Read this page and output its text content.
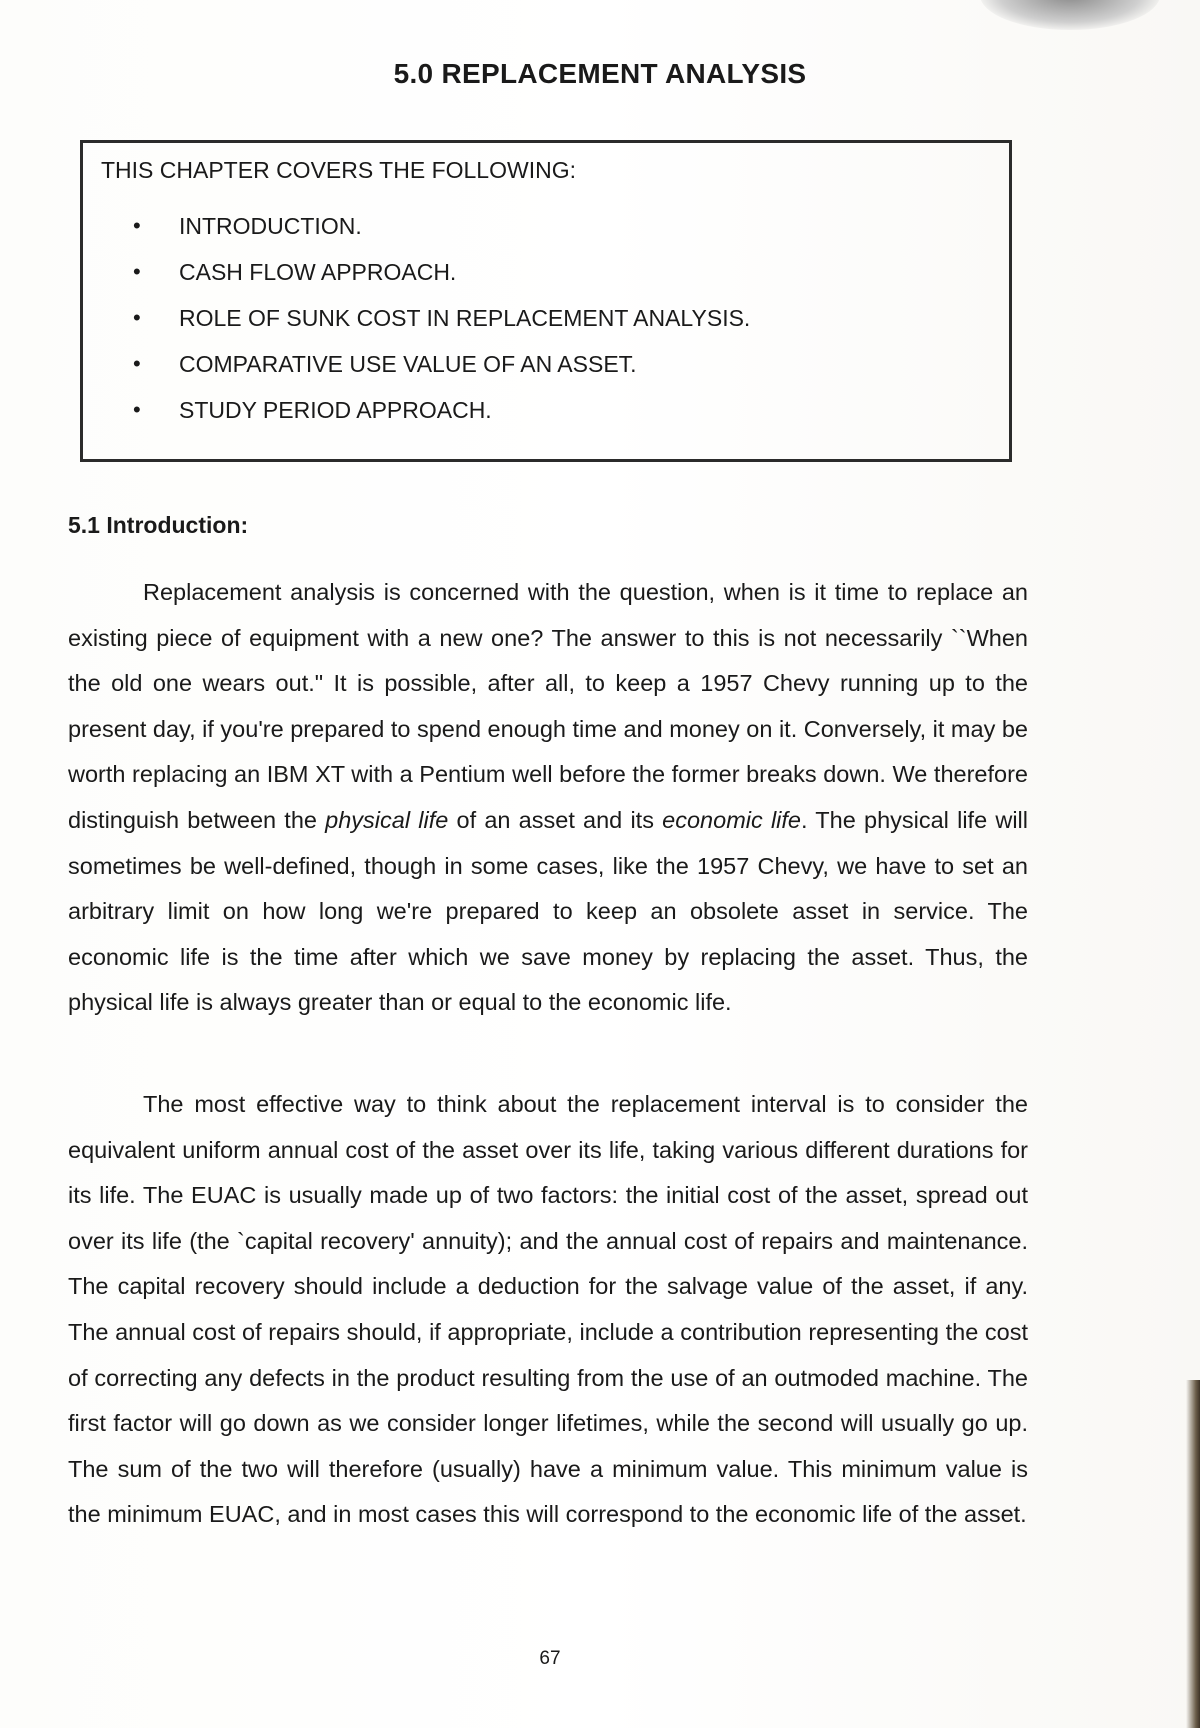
5.0 REPLACEMENT ANALYSIS
THIS CHAPTER COVERS THE FOLLOWING:
• INTRODUCTION.
• CASH FLOW APPROACH.
• ROLE OF SUNK COST IN REPLACEMENT ANALYSIS.
• COMPARATIVE USE VALUE OF AN ASSET.
• STUDY PERIOD APPROACH.
5.1 Introduction:

Replacement analysis is concerned with the question, when is it time to replace an existing piece of equipment with a new one? The answer to this is not necessarily ``When the old one wears out." It is possible, after all, to keep a 1957 Chevy running up to the present day, if you're prepared to spend enough time and money on it. Conversely, it may be worth replacing an IBM XT with a Pentium well before the former breaks down. We therefore distinguish between the physical life of an asset and its economic life. The physical life will sometimes be well-defined, though in some cases, like the 1957 Chevy, we have to set an arbitrary limit on how long we're prepared to keep an obsolete asset in service. The economic life is the time after which we save money by replacing the asset. Thus, the physical life is always greater than or equal to the economic life.

The most effective way to think about the replacement interval is to consider the equivalent uniform annual cost of the asset over its life, taking various different durations for its life. The EUAC is usually made up of two factors: the initial cost of the asset, spread out over its life (the `capital recovery' annuity); and the annual cost of repairs and maintenance. The capital recovery should include a deduction for the salvage value of the asset, if any. The annual cost of repairs should, if appropriate, include a contribution representing the cost of correcting any defects in the product resulting from the use of an outmoded machine. The first factor will go down as we consider longer lifetimes, while the second will usually go up. The sum of the two will therefore (usually) have a minimum value. This minimum value is the minimum EUAC, and in most cases this will correspond to the economic life of the asset.

67
